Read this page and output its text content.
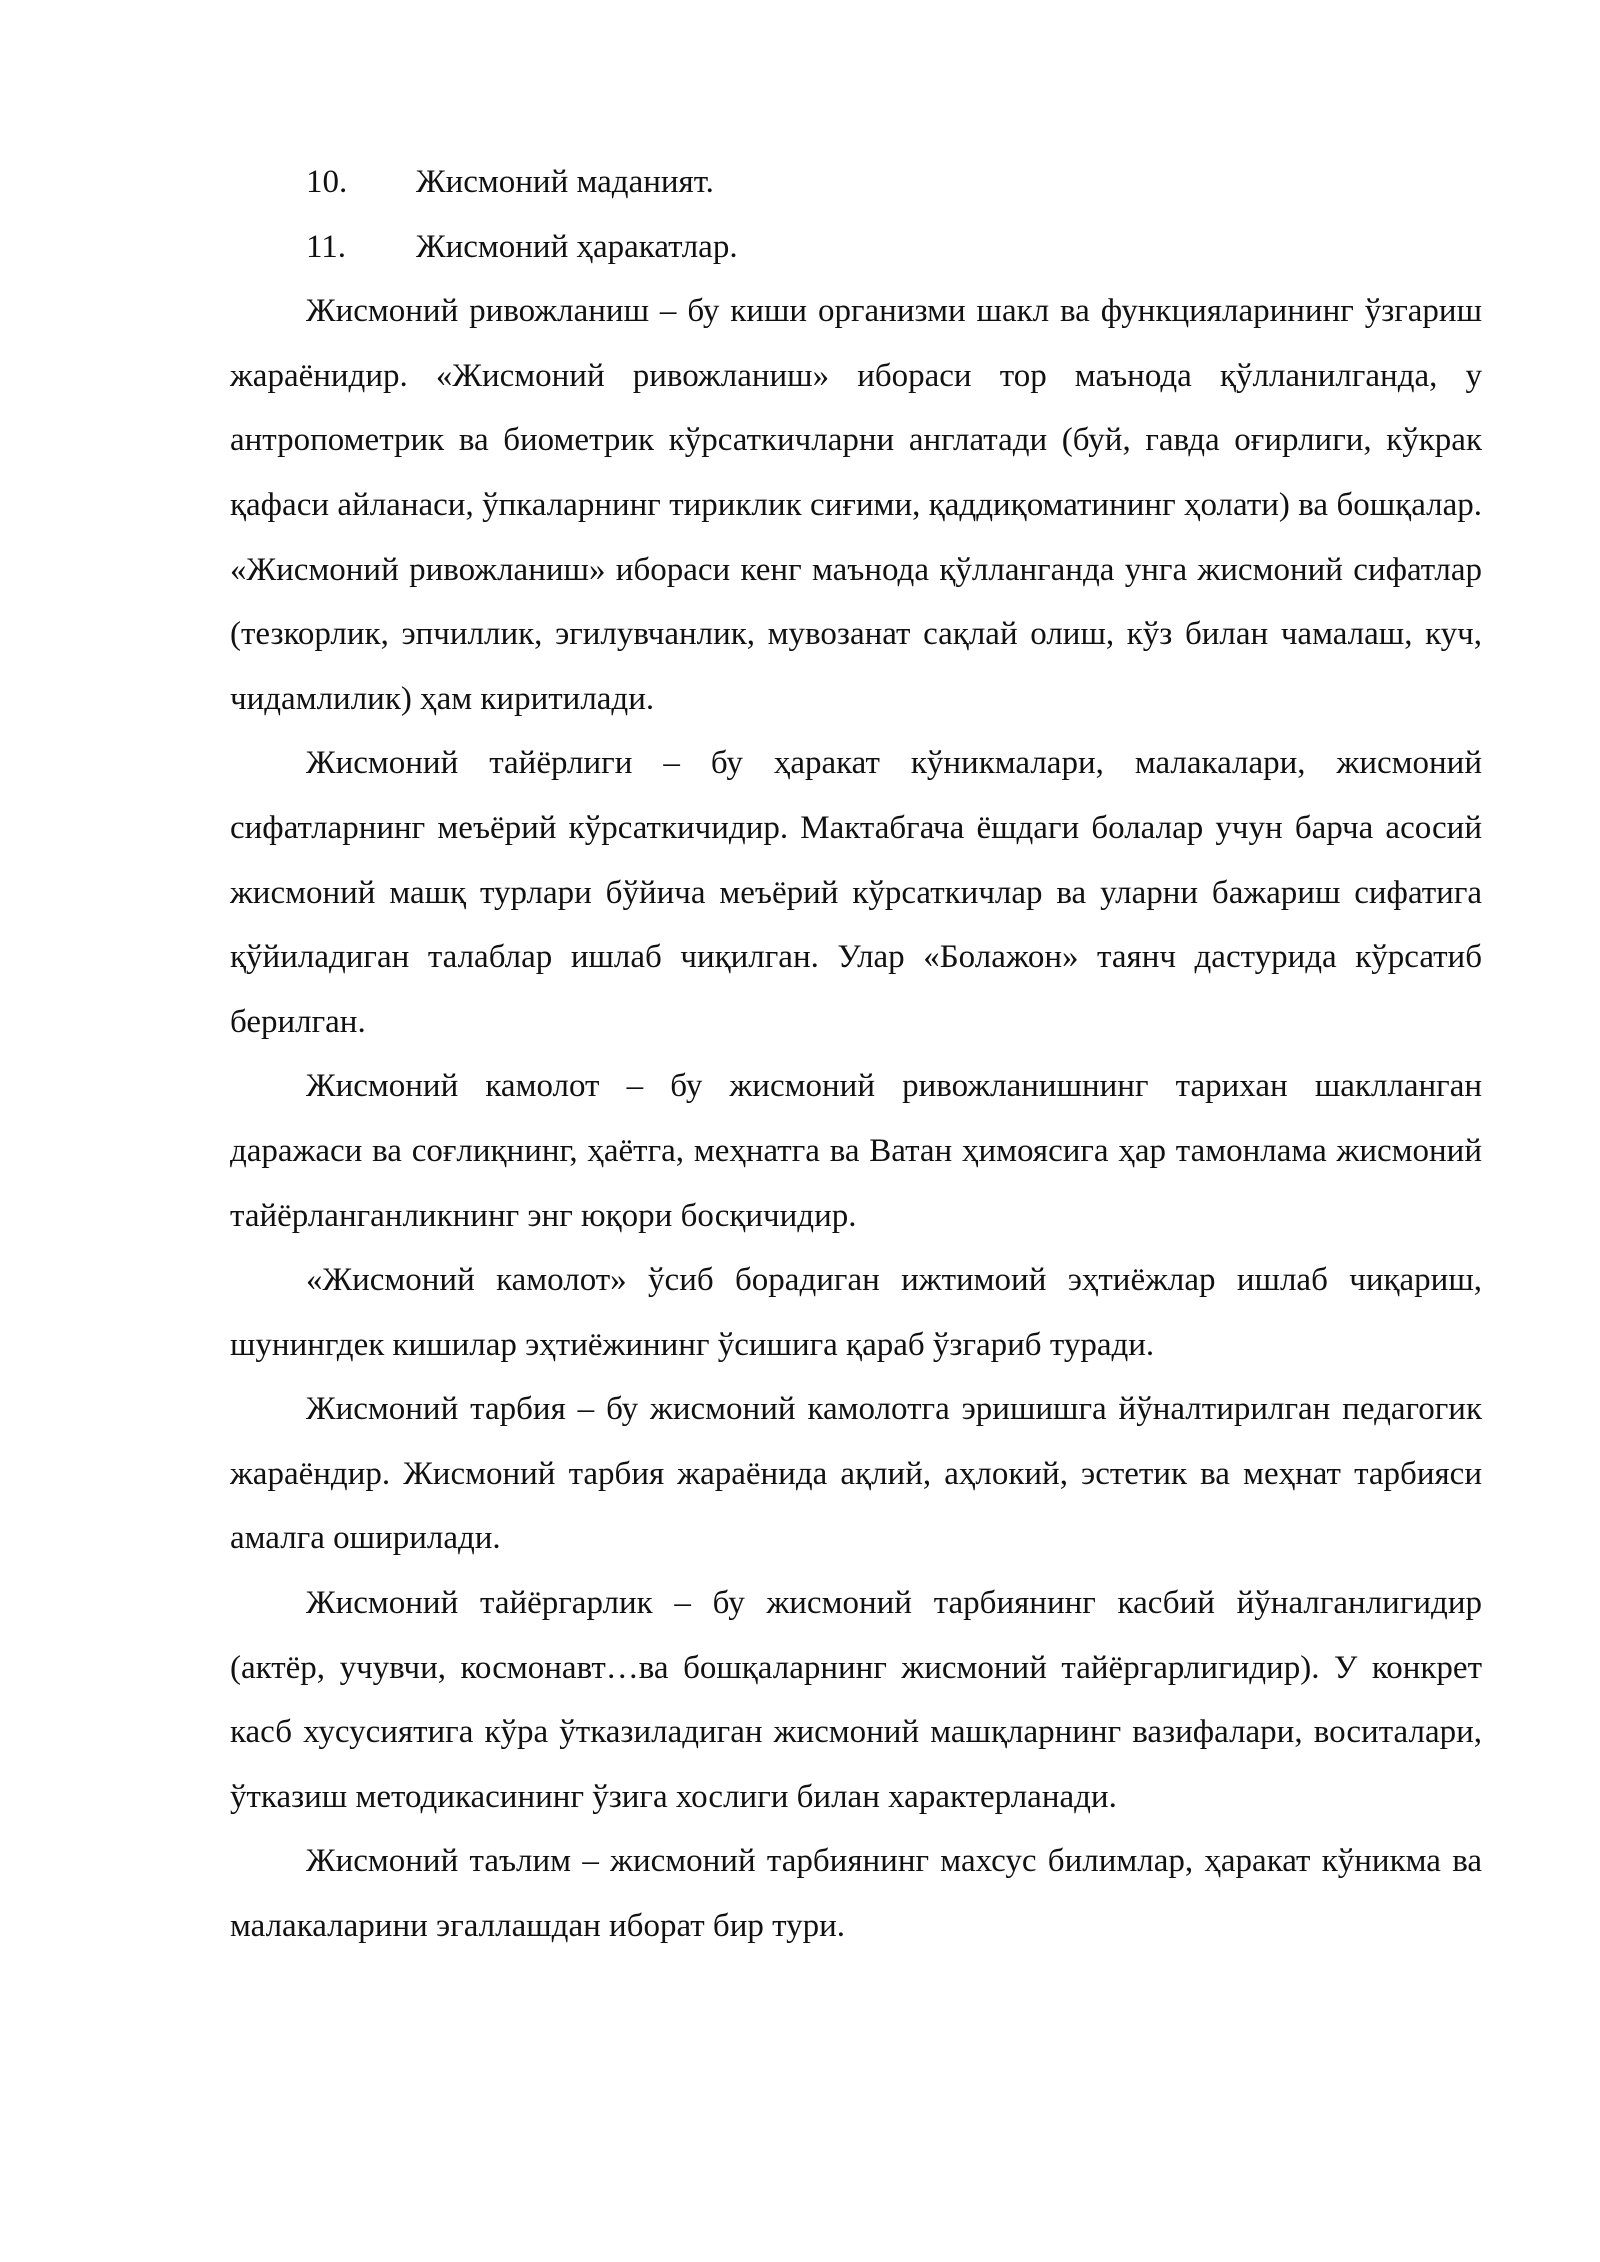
10. Жисмоний маданият.

11. Жисмоний ҳаракатлар.

Жисмоний ривожланиш – бу киши организми шакл ва функцияларининг ўзгариш жараёнидир. «Жисмоний ривожланиш» ибораси тор маънода қўлланилганда, у антропометрик ва биометрик кўрсаткичларни англатади (буй, гавда оғирлиги, кўкрак қафаси айланаси, ўпкаларнинг тириклик сиғими, қаддиқоматининг ҳолати) ва бошқалар. «Жисмоний ривожланиш» ибораси кенг маънода қўлланганда унга жисмоний сифатлар (тезкорлик, эпчиллик, эгилувчанлик, мувозанат сақлай олиш, кўз билан чамалаш, куч, чидамлилик) ҳам киритилади.

Жисмоний тайёрлиги – бу ҳаракат кўникмалари, малакалари, жисмоний сифатларнинг меъёрий кўрсаткичидир. Мактабгача ёшдаги болалар учун барча асосий жисмоний машқ турлари бўйича меъёрий кўрсаткичлар ва уларни бажариш сифатига қўйиладиган талаблар ишлаб чиқилган. Улар «Болажон» таянч дастурида кўрсатиб берилган.

Жисмоний камолот – бу жисмоний ривожланишнинг тарихан шаклланган даражаси ва соғлиқнинг, ҳаётга, меҳнатга ва Ватан ҳимоясига ҳар тамонлама жисмоний тайёрланганликнинг энг юқори босқичидир.

«Жисмоний камолот» ўсиб борадиган ижтимоий эҳтиёжлар ишлаб чиқариш, шунингдек кишилар эҳтиёжининг ўсишига қараб ўзгариб туради.

Жисмоний тарбия – бу жисмоний камолотга эришишга йўналтирилган педагогик жараёндир. Жисмоний тарбия жараёнида ақлий, аҳлокий, эстетик ва меҳнат тарбияси амалга оширилади.

Жисмоний тайёргарлик – бу жисмоний тарбиянинг касбий йўналганлигидир (актёр, учувчи, космонавт…ва бошқаларнинг жисмоний тайёргарлигидир). У конкрет касб хусусиятига кўра ўтказиладиган жисмоний машқларнинг вазифалари, воситалари, ўтказиш методикасининг ўзига хослиги билан характерланади.

Жисмоний таълим – жисмоний тарбиянинг махсус билимлар, ҳаракат кўникма ва малакаларини эгаллашдан иборат бир тури.
